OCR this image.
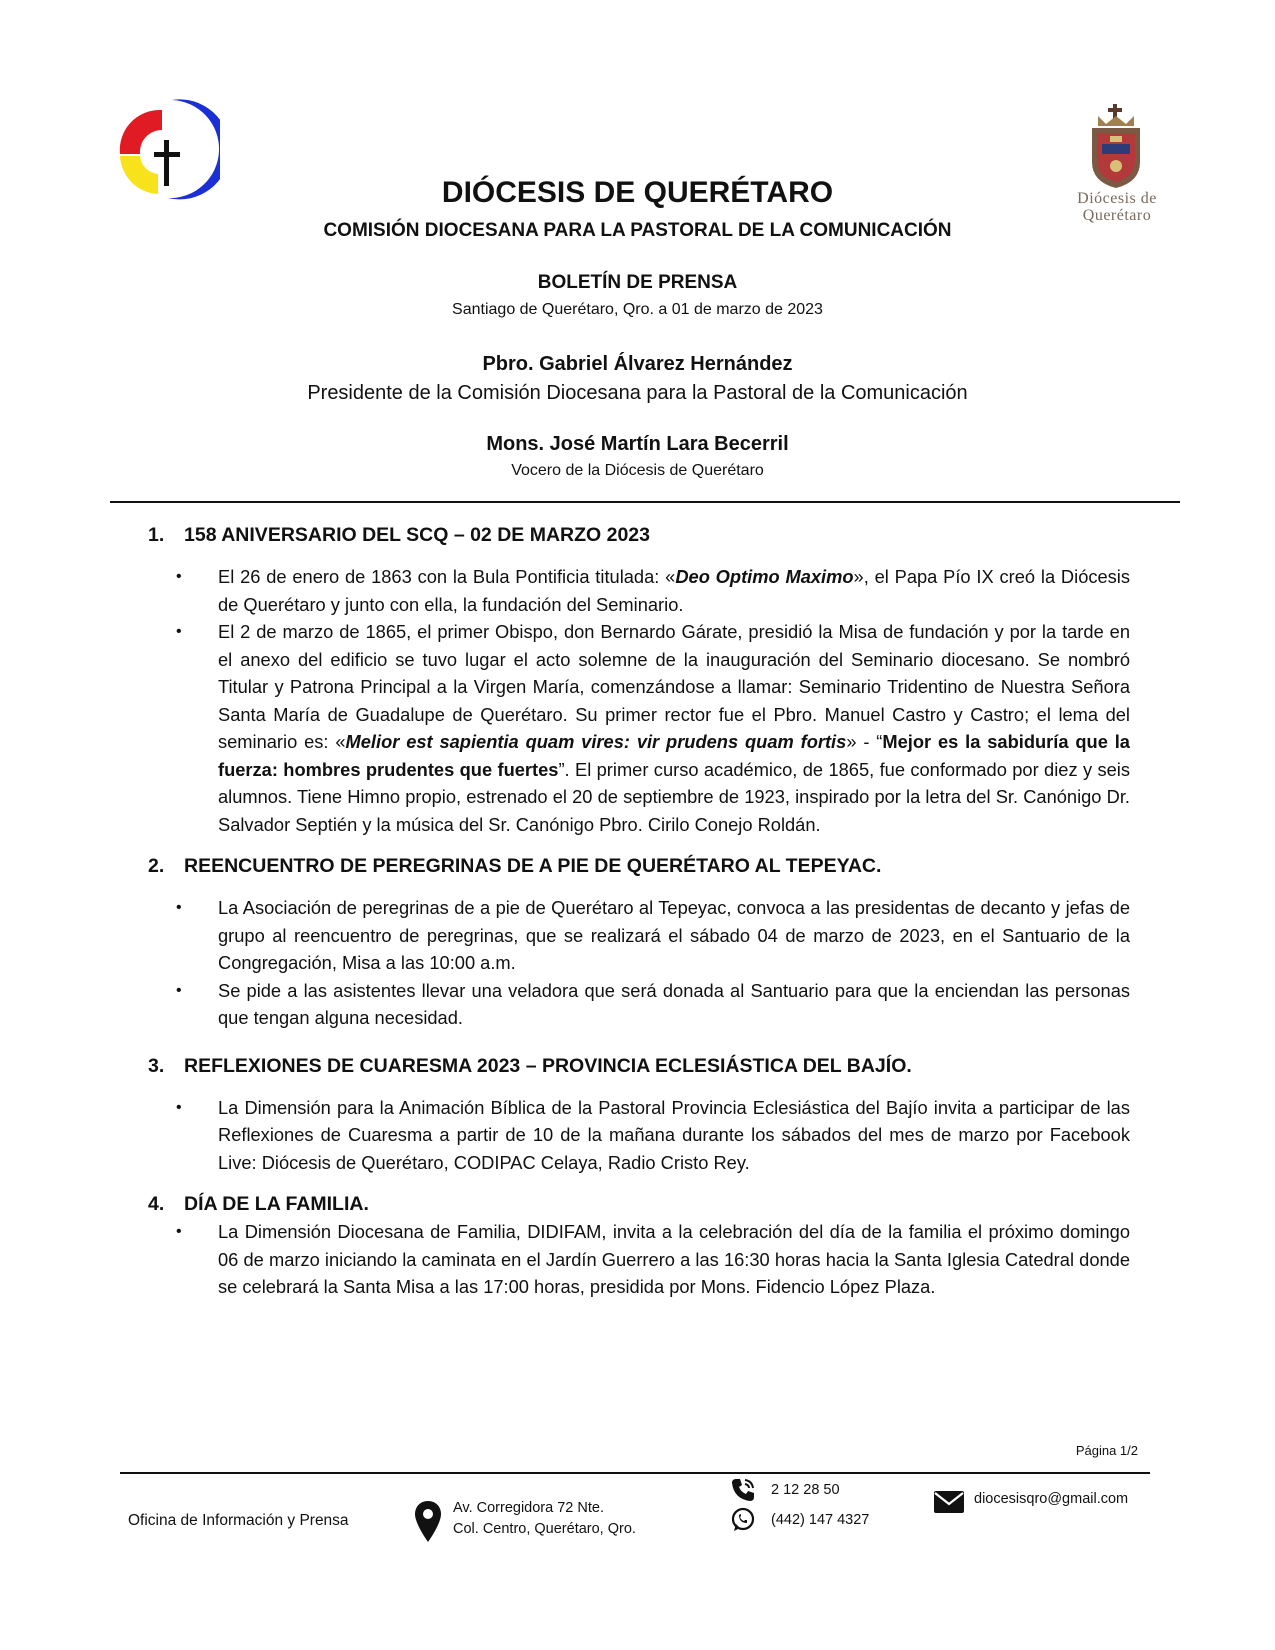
Diócesis de
Querétaro
DIÓCESIS DE QUERÉTARO
COMISIÓN DIOCESANA PARA LA PASTORAL DE LA COMUNICACIÓN
BOLETÍN DE PRENSA
Santiago de Querétaro, Qro. a 01 de marzo de 2023
Pbro. Gabriel Álvarez Hernández
Presidente de la Comisión Diocesana para la Pastoral de la Comunicación
Mons. José Martín Lara Becerril
Vocero de la Diócesis de Querétaro
1.	158 ANIVERSARIO DEL SCQ – 02 DE MARZO 2023
• El 26 de enero de 1863 con la Bula Pontificia titulada: «Deo Optimo Maximo», el Papa Pío IX creó la Diócesis de Querétaro y junto con ella, la fundación del Seminario.
• El 2 de marzo de 1865, el primer Obispo, don Bernardo Gárate, presidió la Misa de fundación y por la tarde en el anexo del edificio se tuvo lugar el acto solemne de la inauguración del Seminario diocesano. Se nombró Titular y Patrona Principal a la Virgen María, comenzándose a llamar: Seminario Tridentino de Nuestra Señora Santa María de Guadalupe de Querétaro. Su primer rector fue el Pbro. Manuel Castro y Castro; el lema del seminario es: «Melior est sapientia quam vires: vir prudens quam fortis» - “Mejor es la sabiduría que la fuerza: hombres prudentes que fuertes”. El primer curso académico, de 1865, fue conformado por diez y seis alumnos. Tiene Himno propio, estrenado el 20 de septiembre de 1923, inspirado por la letra del Sr. Canónigo Dr. Salvador Septién y la música del Sr. Canónigo Pbro. Cirilo Conejo Roldán.
2.	REENCUENTRO DE PEREGRINAS DE A PIE DE QUERÉTARO AL TEPEYAC.
• La Asociación de peregrinas de a pie de Querétaro al Tepeyac, convoca a las presidentas de decanto y jefas de grupo al reencuentro de peregrinas, que se realizará el sábado 04 de marzo de 2023, en el Santuario de la Congregación, Misa a las 10:00 a.m.
• Se pide a las asistentes llevar una veladora que será donada al Santuario para que la enciendan las personas que tengan alguna necesidad.
3.	REFLEXIONES DE CUARESMA 2023 – PROVINCIA ECLESIÁSTICA DEL BAJÍO.
• La Dimensión para la Animación Bíblica de la Pastoral Provincia Eclesiástica del Bajío invita a participar de las Reflexiones de Cuaresma a partir de 10 de la mañana durante los sábados del mes de marzo por Facebook Live: Diócesis de Querétaro, CODIPAC Celaya, Radio Cristo Rey.
4.	DÍA DE LA FAMILIA.
• La Dimensión Diocesana de Familia, DIDIFAM, invita a la celebración del día de la familia el próximo domingo 06 de marzo iniciando la caminata en el Jardín Guerrero a las 16:30 horas hacia la Santa Iglesia Catedral donde se celebrará la Santa Misa a las 17:00 horas, presidida por Mons. Fidencio López Plaza.
Página 1/2
Oficina de Información y Prensa
Av. Corregidora 72 Nte.
Col. Centro, Querétaro, Qro.
2 12 28 50
(442) 147 4327
diocesisqro@gmail.com
